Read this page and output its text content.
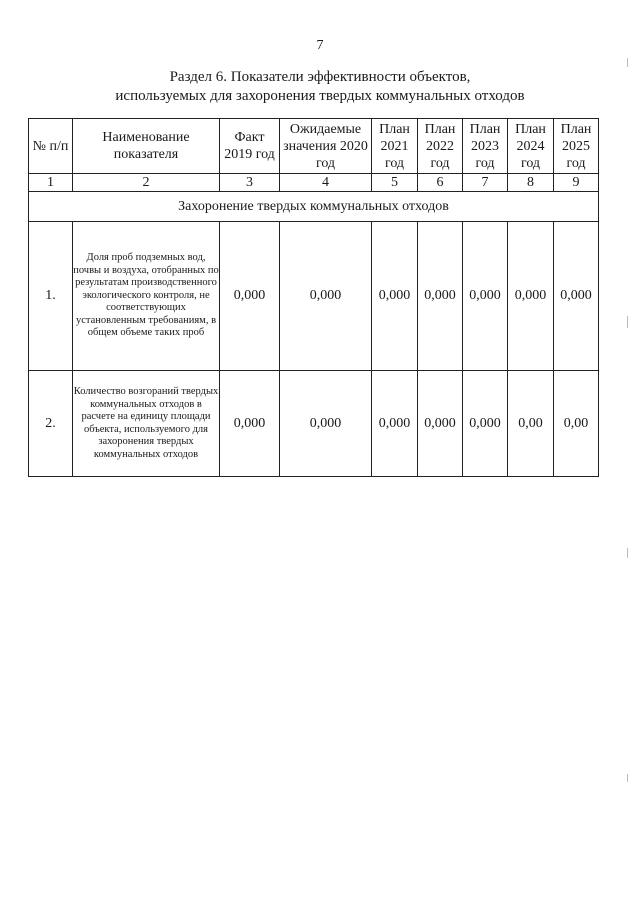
7
Раздел 6. Показатели эффективности объектов,
используемых для захоронения твердых коммунальных отходов
№ п/п	Наименование показателя	Факт 2019 год	Ожидаемые значения 2020 год	План 2021 год	План 2022 год	План 2023 год	План 2024 год	План 2025 год
1	2	3	4	5	6	7	8	9
Захоронение твердых коммунальных отходов								
1.	Доля проб подземных вод, почвы и воздуха, отобранных по результатам производственного экологического контроля, не соответствующих установленным требованиям, в общем объеме таких проб	0,000	0,000	0,000	0,000	0,000	0,000	0,000
2.	Количество возгораний твердых коммунальных отходов в расчете на единицу площади объекта, используемого для захоронения твердых коммунальных отходов	0,000	0,000	0,000	0,000	0,000	0,00	0,00
